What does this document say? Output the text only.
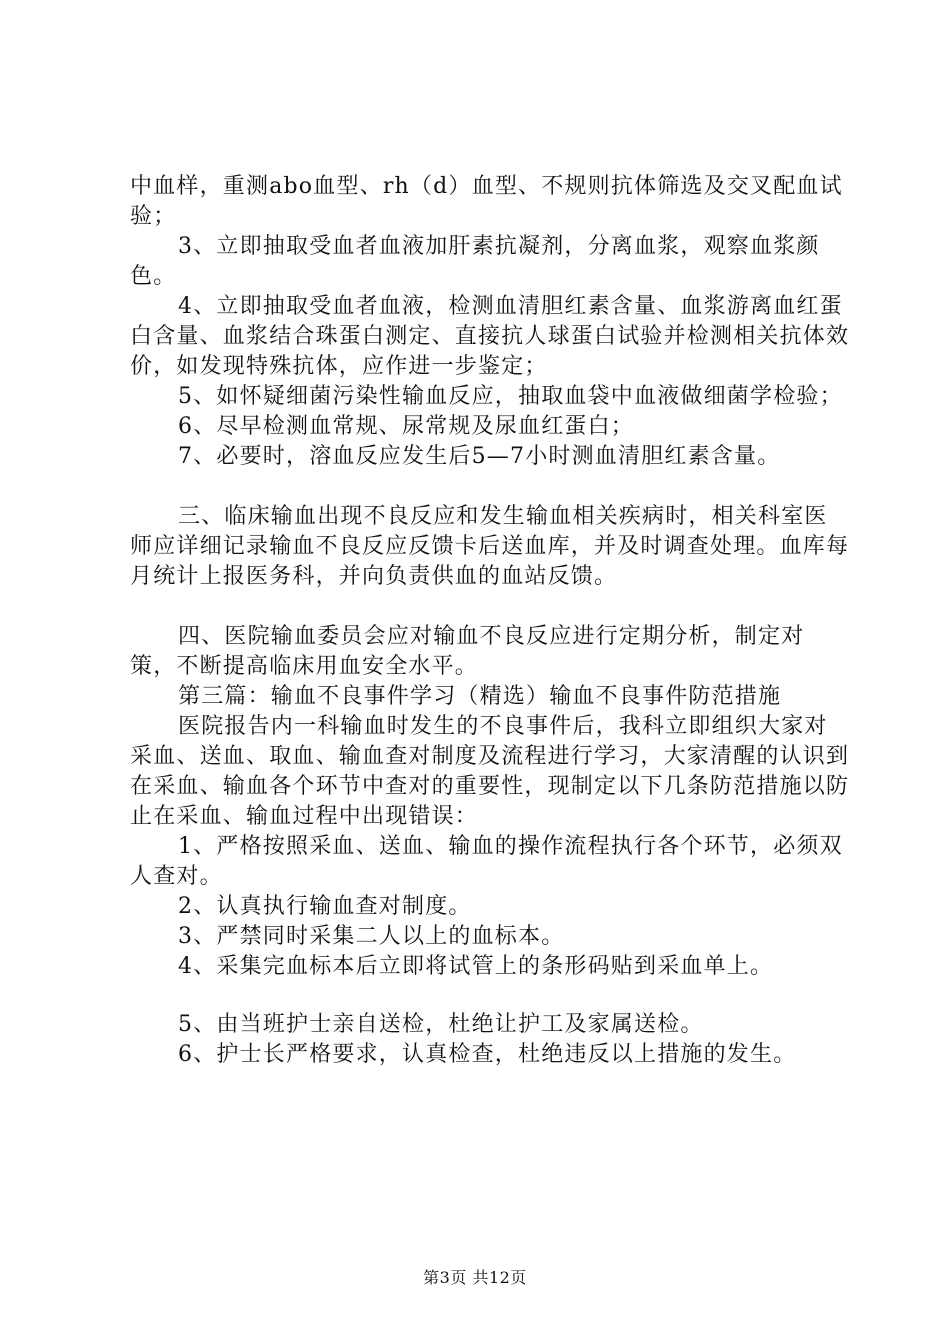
中血样，重测abo血型、rh（d）血型、不规则抗体筛选及交叉配血试验；

3、立即抽取受血者血液加肝素抗凝剂，分离血浆，观察血浆颜色。

4、立即抽取受血者血液，检测血清胆红素含量、血浆游离血红蛋白含量、血浆结合珠蛋白测定、直接抗人球蛋白试验并检测相关抗体效价，如发现特殊抗体，应作进一步鉴定；

5、如怀疑细菌污染性输血反应，抽取血袋中血液做细菌学检验；

6、尽早检测血常规、尿常规及尿血红蛋白；

7、必要时，溶血反应发生后5—7小时测血清胆红素含量。

三、临床输血出现不良反应和发生输血相关疾病时，相关科室医师应详细记录输血不良反应反馈卡后送血库，并及时调查处理。血库每月统计上报医务科，并向负责供血的血站反馈。

四、医院输血委员会应对输血不良反应进行定期分析，制定对策，不断提高临床用血安全水平。

第三篇：输血不良事件学习（精选）输血不良事件防范措施

医院报告内一科输血时发生的不良事件后，我科立即组织大家对采血、送血、取血、输血查对制度及流程进行学习，大家清醒的认识到在采血、输血各个环节中查对的重要性，现制定以下几条防范措施以防止在采血、输血过程中出现错误：

1、严格按照采血、送血、输血的操作流程执行各个环节，必须双人查对。

2、认真执行输血查对制度。

3、严禁同时采集二人以上的血标本。

4、采集完血标本后立即将试管上的条形码贴到采血单上。

5、由当班护士亲自送检，杜绝让护工及家属送检。

6、护士长严格要求，认真检查，杜绝违反以上措施的发生。

第3页 共12页
